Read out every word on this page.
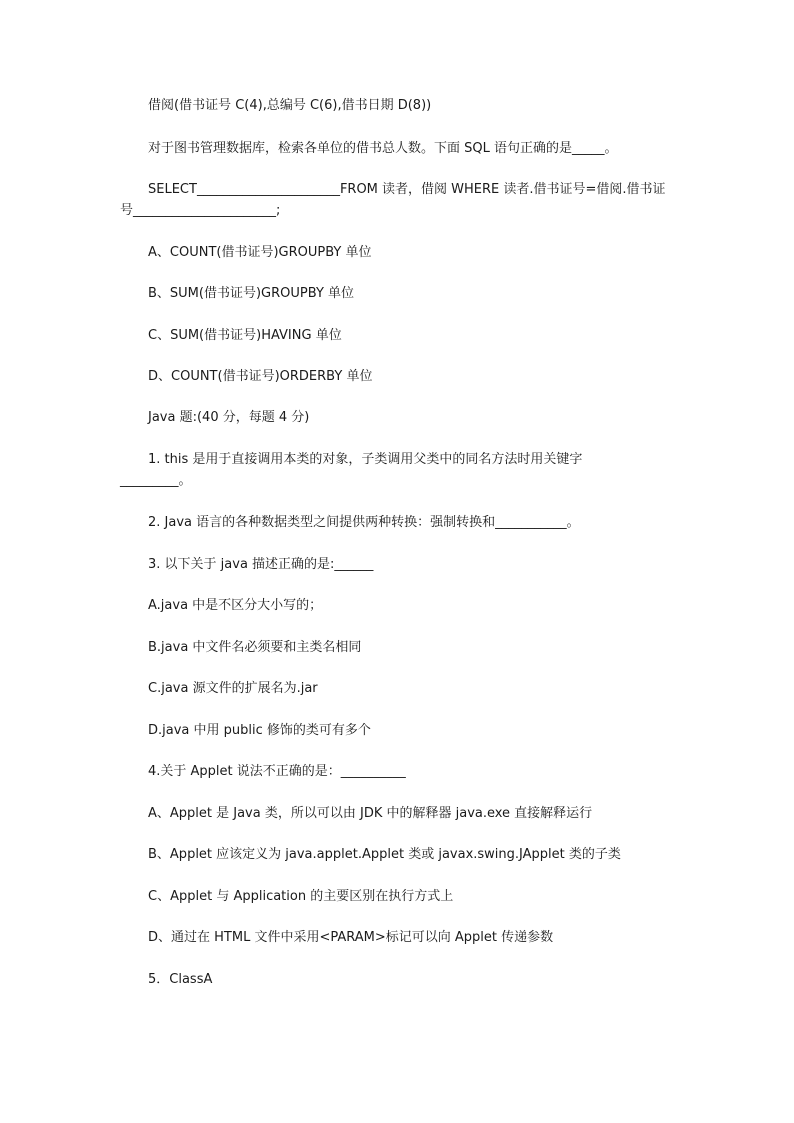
借阅(借书证号 C(4),总编号 C(6),借书日期 D(8))
对于图书管理数据库，检索各单位的借书总人数。下面 SQL 语句正确的是_____。
SELECT______________________FROM 读者，借阅 WHERE 读者.借书证号=借阅.借书证
号______________________;
A、COUNT(借书证号)GROUPBY 单位
B、SUM(借书证号)GROUPBY 单位
C、SUM(借书证号)HAVING 单位
D、COUNT(借书证号)ORDERBY 单位
Java 题:(40 分，每题 4 分)
1. this 是用于直接调用本类的对象，子类调用父类中的同名方法时用关键字
_________。
2. Java 语言的各种数据类型之间提供两种转换：强制转换和___________。
3. 以下关于 java 描述正确的是:______
A.java 中是不区分大小写的；
B.java 中文件名必须要和主类名相同
C.java 源文件的扩展名为.jar
D.java 中用 public 修饰的类可有多个
4.关于 Applet 说法不正确的是：__________
A、Applet 是 Java 类，所以可以由 JDK 中的解释器 java.exe 直接解释运行
B、Applet 应该定义为 java.applet.Applet 类或 javax.swing.JApplet 类的子类
C、Applet 与 Application 的主要区别在执行方式上
D、通过在 HTML 文件中采用<PARAM>标记可以向 Applet 传递参数
5．ClassA
